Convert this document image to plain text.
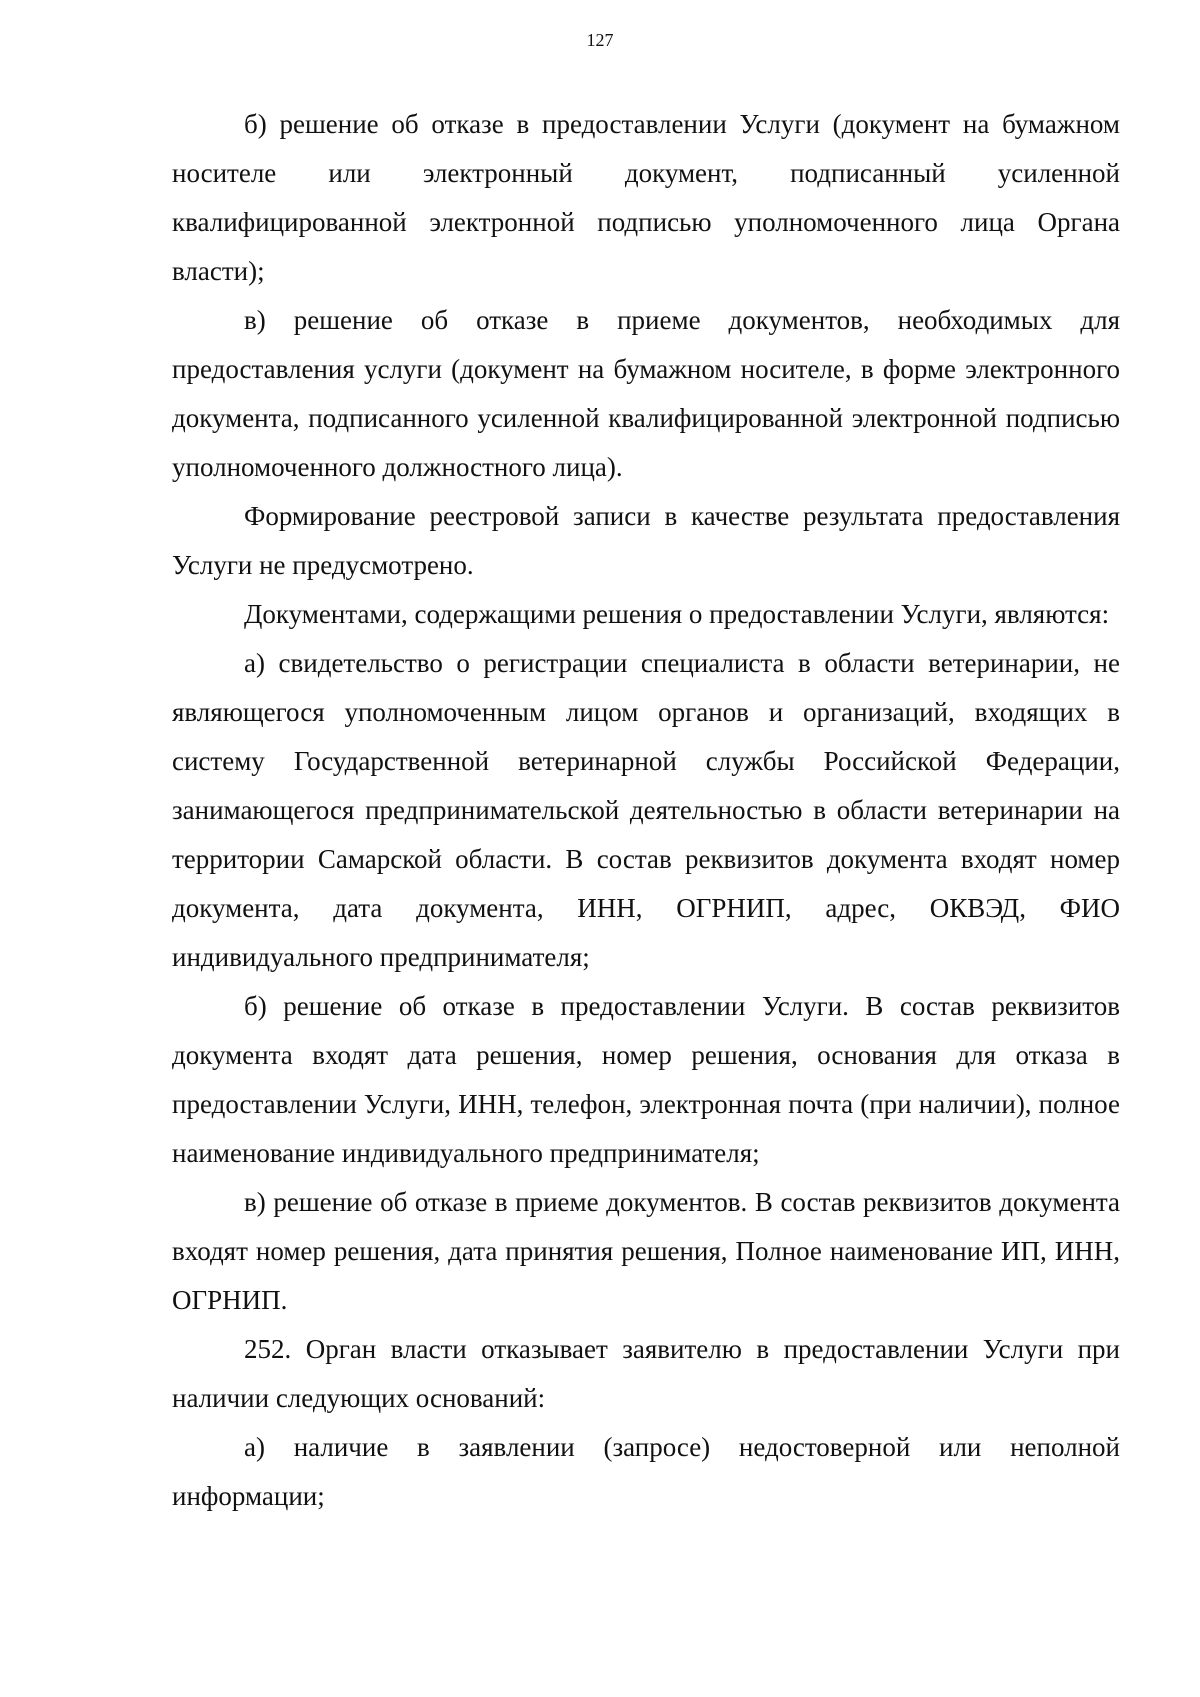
127

б) решение об отказе в предоставлении Услуги (документ на бумажном носителе или электронный документ, подписанный усиленной квалифицированной электронной подписью уполномоченного лица Органа власти);

в) решение об отказе в приеме документов, необходимых для предоставления услуги (документ на бумажном носителе, в форме электронного документа, подписанного усиленной квалифицированной электронной подписью уполномоченного должностного лица).

Формирование реестровой записи в качестве результата предоставления Услуги не предусмотрено.

Документами, содержащими решения о предоставлении Услуги, являются:

а) свидетельство о регистрации специалиста в области ветеринарии, не являющегося уполномоченным лицом органов и организаций, входящих в систему Государственной ветеринарной службы Российской Федерации, занимающегося предпринимательской деятельностью в области ветеринарии на территории Самарской области. В состав реквизитов документа входят номер документа, дата документа, ИНН, ОГРНИП, адрес, ОКВЭД, ФИО индивидуального предпринимателя;

б) решение об отказе в предоставлении Услуги. В состав реквизитов документа входят дата решения, номер решения, основания для отказа в предоставлении Услуги, ИНН, телефон, электронная почта (при наличии), полное наименование индивидуального предпринимателя;

в) решение об отказе в приеме документов. В состав реквизитов документа входят номер решения, дата принятия решения, Полное наименование ИП, ИНН, ОГРНИП.

252. Орган власти отказывает заявителю в предоставлении Услуги при наличии следующих оснований:

а) наличие в заявлении (запросе) недостоверной или неполной информации;
